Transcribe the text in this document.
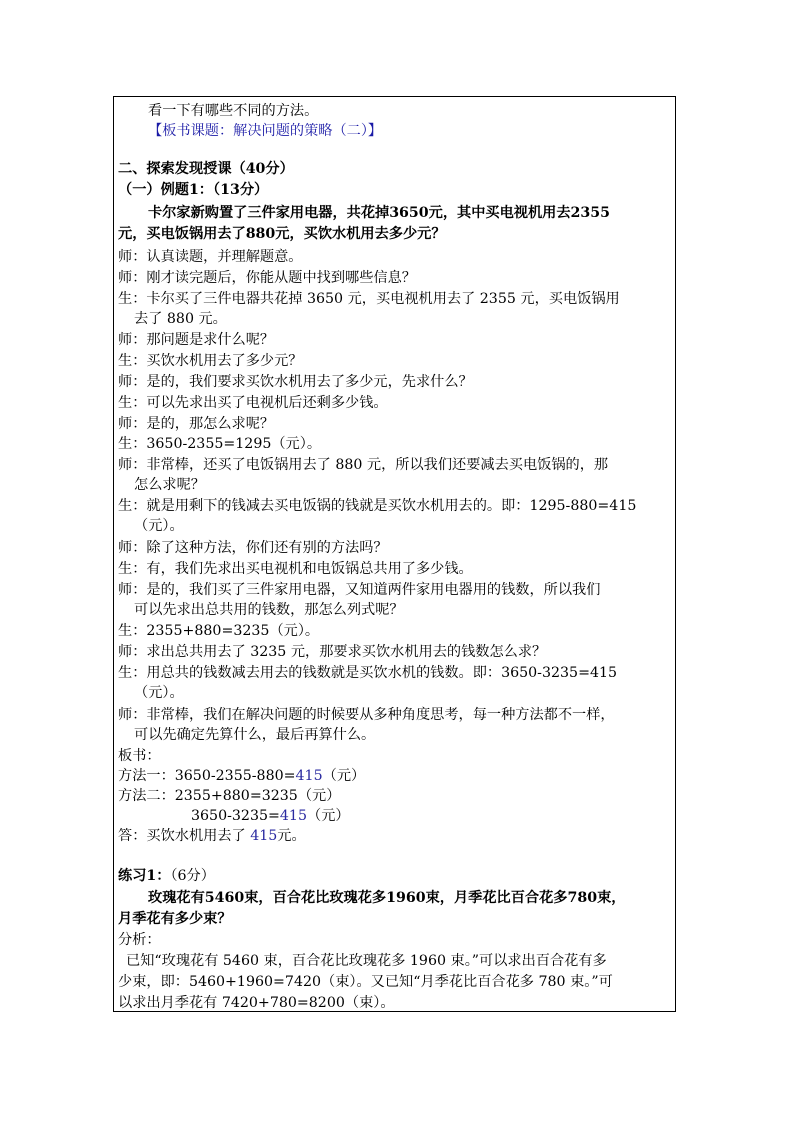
看一下有哪些不同的方法。
【板书课题：解决问题的策略（二）】
二、探索发现授课（40分）
（一）例题1：（13分）
卡尔家新购置了三件家用电器，共花掉3650元，其中买电视机用去2355
元，买电饭锅用去了880元，买饮水机用去多少元？
师：认真读题，并理解题意。
师：刚才读完题后，你能从题中找到哪些信息？
生：卡尔买了三件电器共花掉 3650 元，买电视机用去了 2355 元，买电饭锅用
去了 880 元。
师：那问题是求什么呢？
生：买饮水机用去了多少元？
师：是的，我们要求买饮水机用去了多少元，先求什么？
生：可以先求出买了电视机后还剩多少钱。
师：是的，那怎么求呢？
生：3650-2355=1295（元）。
师：非常棒，还买了电饭锅用去了 880 元，所以我们还要减去买电饭锅的，那
怎么求呢？
生：就是用剩下的钱减去买电饭锅的钱就是买饮水机用去的。即：1295-880=415
（元）。
师：除了这种方法，你们还有别的方法吗？
生：有，我们先求出买电视机和电饭锅总共用了多少钱。
师：是的，我们买了三件家用电器，又知道两件家用电器用的钱数，所以我们
可以先求出总共用的钱数，那怎么列式呢？
生：2355+880=3235（元）。
师：求出总共用去了 3235 元，那要求买饮水机用去的钱数怎么求？
生：用总共的钱数减去用去的钱数就是买饮水机的钱数。即：3650-3235=415
（元）。
师：非常棒，我们在解决问题的时候要从多种角度思考，每一种方法都不一样，
可以先确定先算什么，最后再算什么。
板书：
方法一：3650-2355-880=415（元）
方法二：2355+880=3235（元）
3650-3235=415（元）
答：买饮水机用去了 415元。
练习1：（6分）
玫瑰花有5460束，百合花比玫瑰花多1960束，月季花比百合花多780束，
月季花有多少束？
分析：
已知“玫瑰花有 5460 束，百合花比玫瑰花多 1960 束。”可以求出百合花有多
少束，即：5460+1960=7420（束）。又已知“月季花比百合花多 780 束。”可
以求出月季花有 7420+780=8200（束）。
